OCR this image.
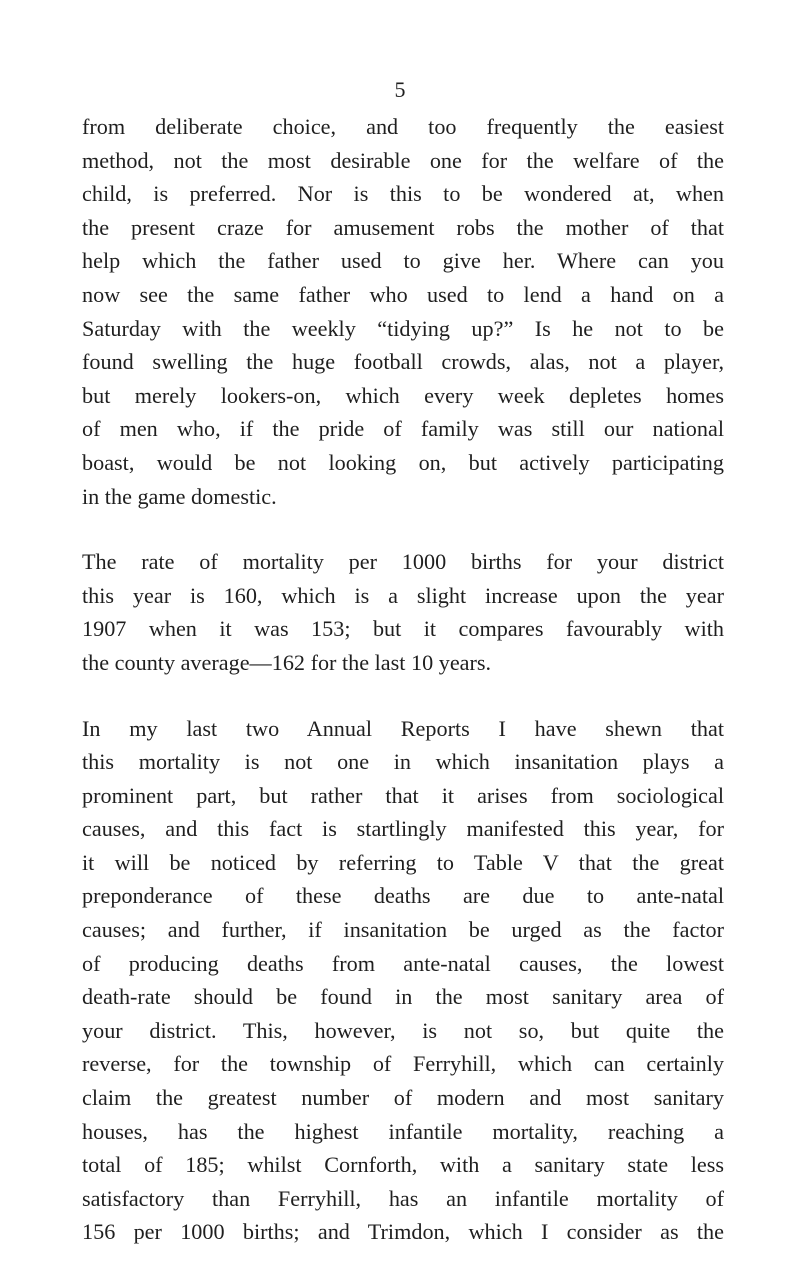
5

from deliberate choice, and too frequently the easiest
method, not the most desirable one for the welfare of the
child, is preferred. Nor is this to be wondered at, when
the present craze for amusement robs the mother of that
help which the father used to give her. Where can you
now see the same father who used to lend a hand on a
Saturday with the weekly “tidying up?” Is he not to be
found swelling the huge football crowds, alas, not a player,
but merely lookers-on, which every week depletes homes
of men who, if the pride of family was still our national
boast, would be not looking on, but actively participating
in the game domestic.

The rate of mortality per 1000 births for your district
this year is 160, which is a slight increase upon the year
1907 when it was 153; but it compares favourably with
the county average—162 for the last 10 years.

In my last two Annual Reports I have shewn that
this mortality is not one in which insanitation plays a
prominent part, but rather that it arises from sociological
causes, and this fact is startlingly manifested this year, for
it will be noticed by referring to Table V that the great
preponderance of these deaths are due to ante-natal
causes; and further, if insanitation be urged as the factor
of producing deaths from ante-natal causes, the lowest
death-rate should be found in the most sanitary area of
your district. This, however, is not so, but quite the
reverse, for the township of Ferryhill, which can certainly
claim the greatest number of modern and most sanitary
houses, has the highest infantile mortality, reaching a
total of 185; whilst Cornforth, with a sanitary state less
satisfactory than Ferryhill, has an infantile mortality of
156 per 1000 births; and Trimdon, which I consider as the
